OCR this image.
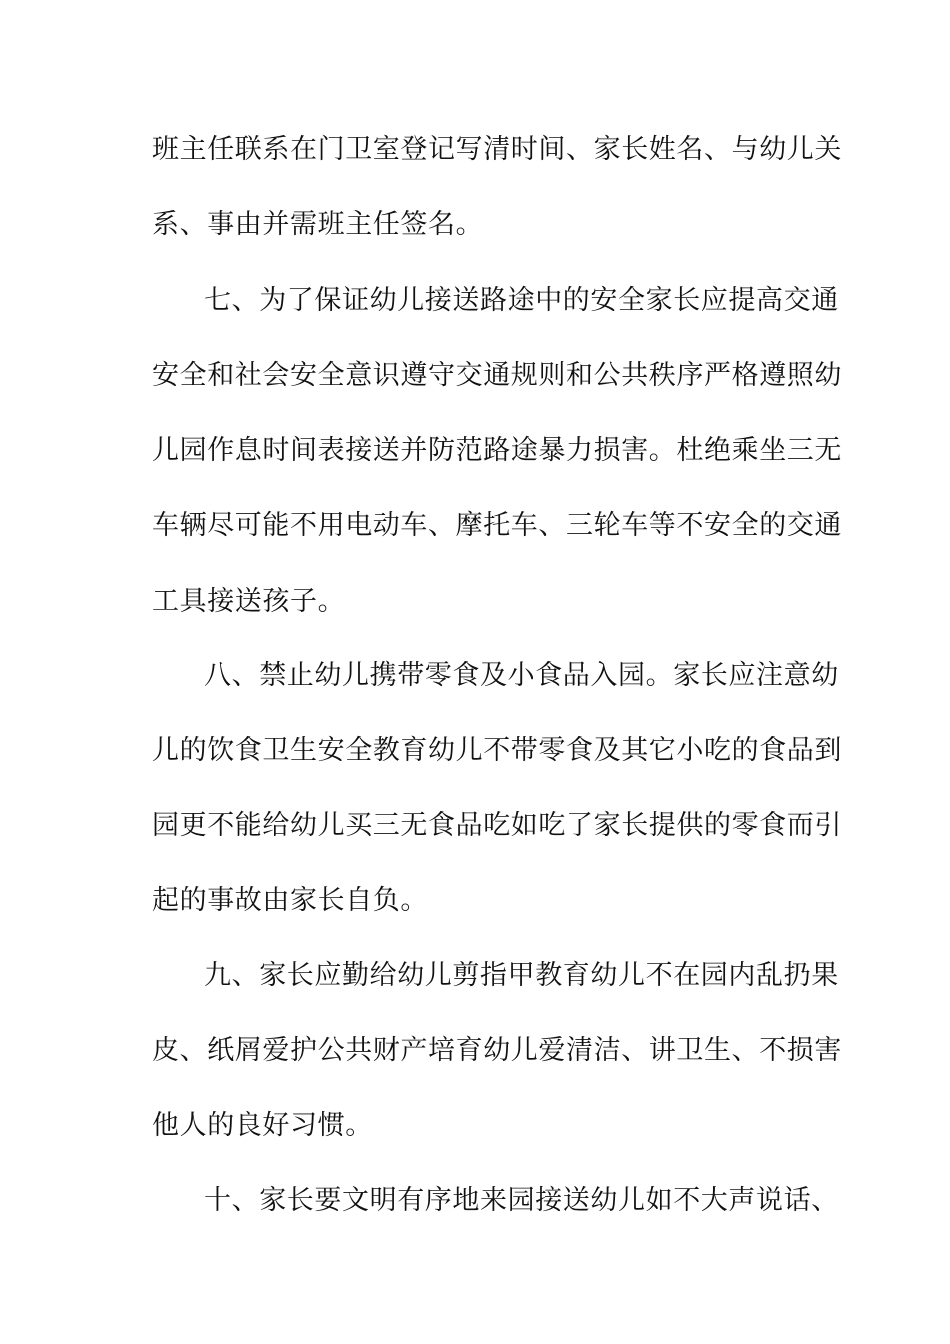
班主任联系在门卫室登记写清时间、家长姓名、与幼儿关
系、事由并需班主任签名。
七、为了保证幼儿接送路途中的安全家长应提高交通
安全和社会安全意识遵守交通规则和公共秩序严格遵照幼
儿园作息时间表接送并防范路途暴力损害。杜绝乘坐三无
车辆尽可能不用电动车、摩托车、三轮车等不安全的交通
工具接送孩子。
八、禁止幼儿携带零食及小食品入园。家长应注意幼
儿的饮食卫生安全教育幼儿不带零食及其它小吃的食品到
园更不能给幼儿买三无食品吃如吃了家长提供的零食而引
起的事故由家长自负。
九、家长应勤给幼儿剪指甲教育幼儿不在园内乱扔果
皮、纸屑爱护公共财产培育幼儿爱清洁、讲卫生、不损害
他人的良好习惯。
十、家长要文明有序地来园接送幼儿如不大声说话、
